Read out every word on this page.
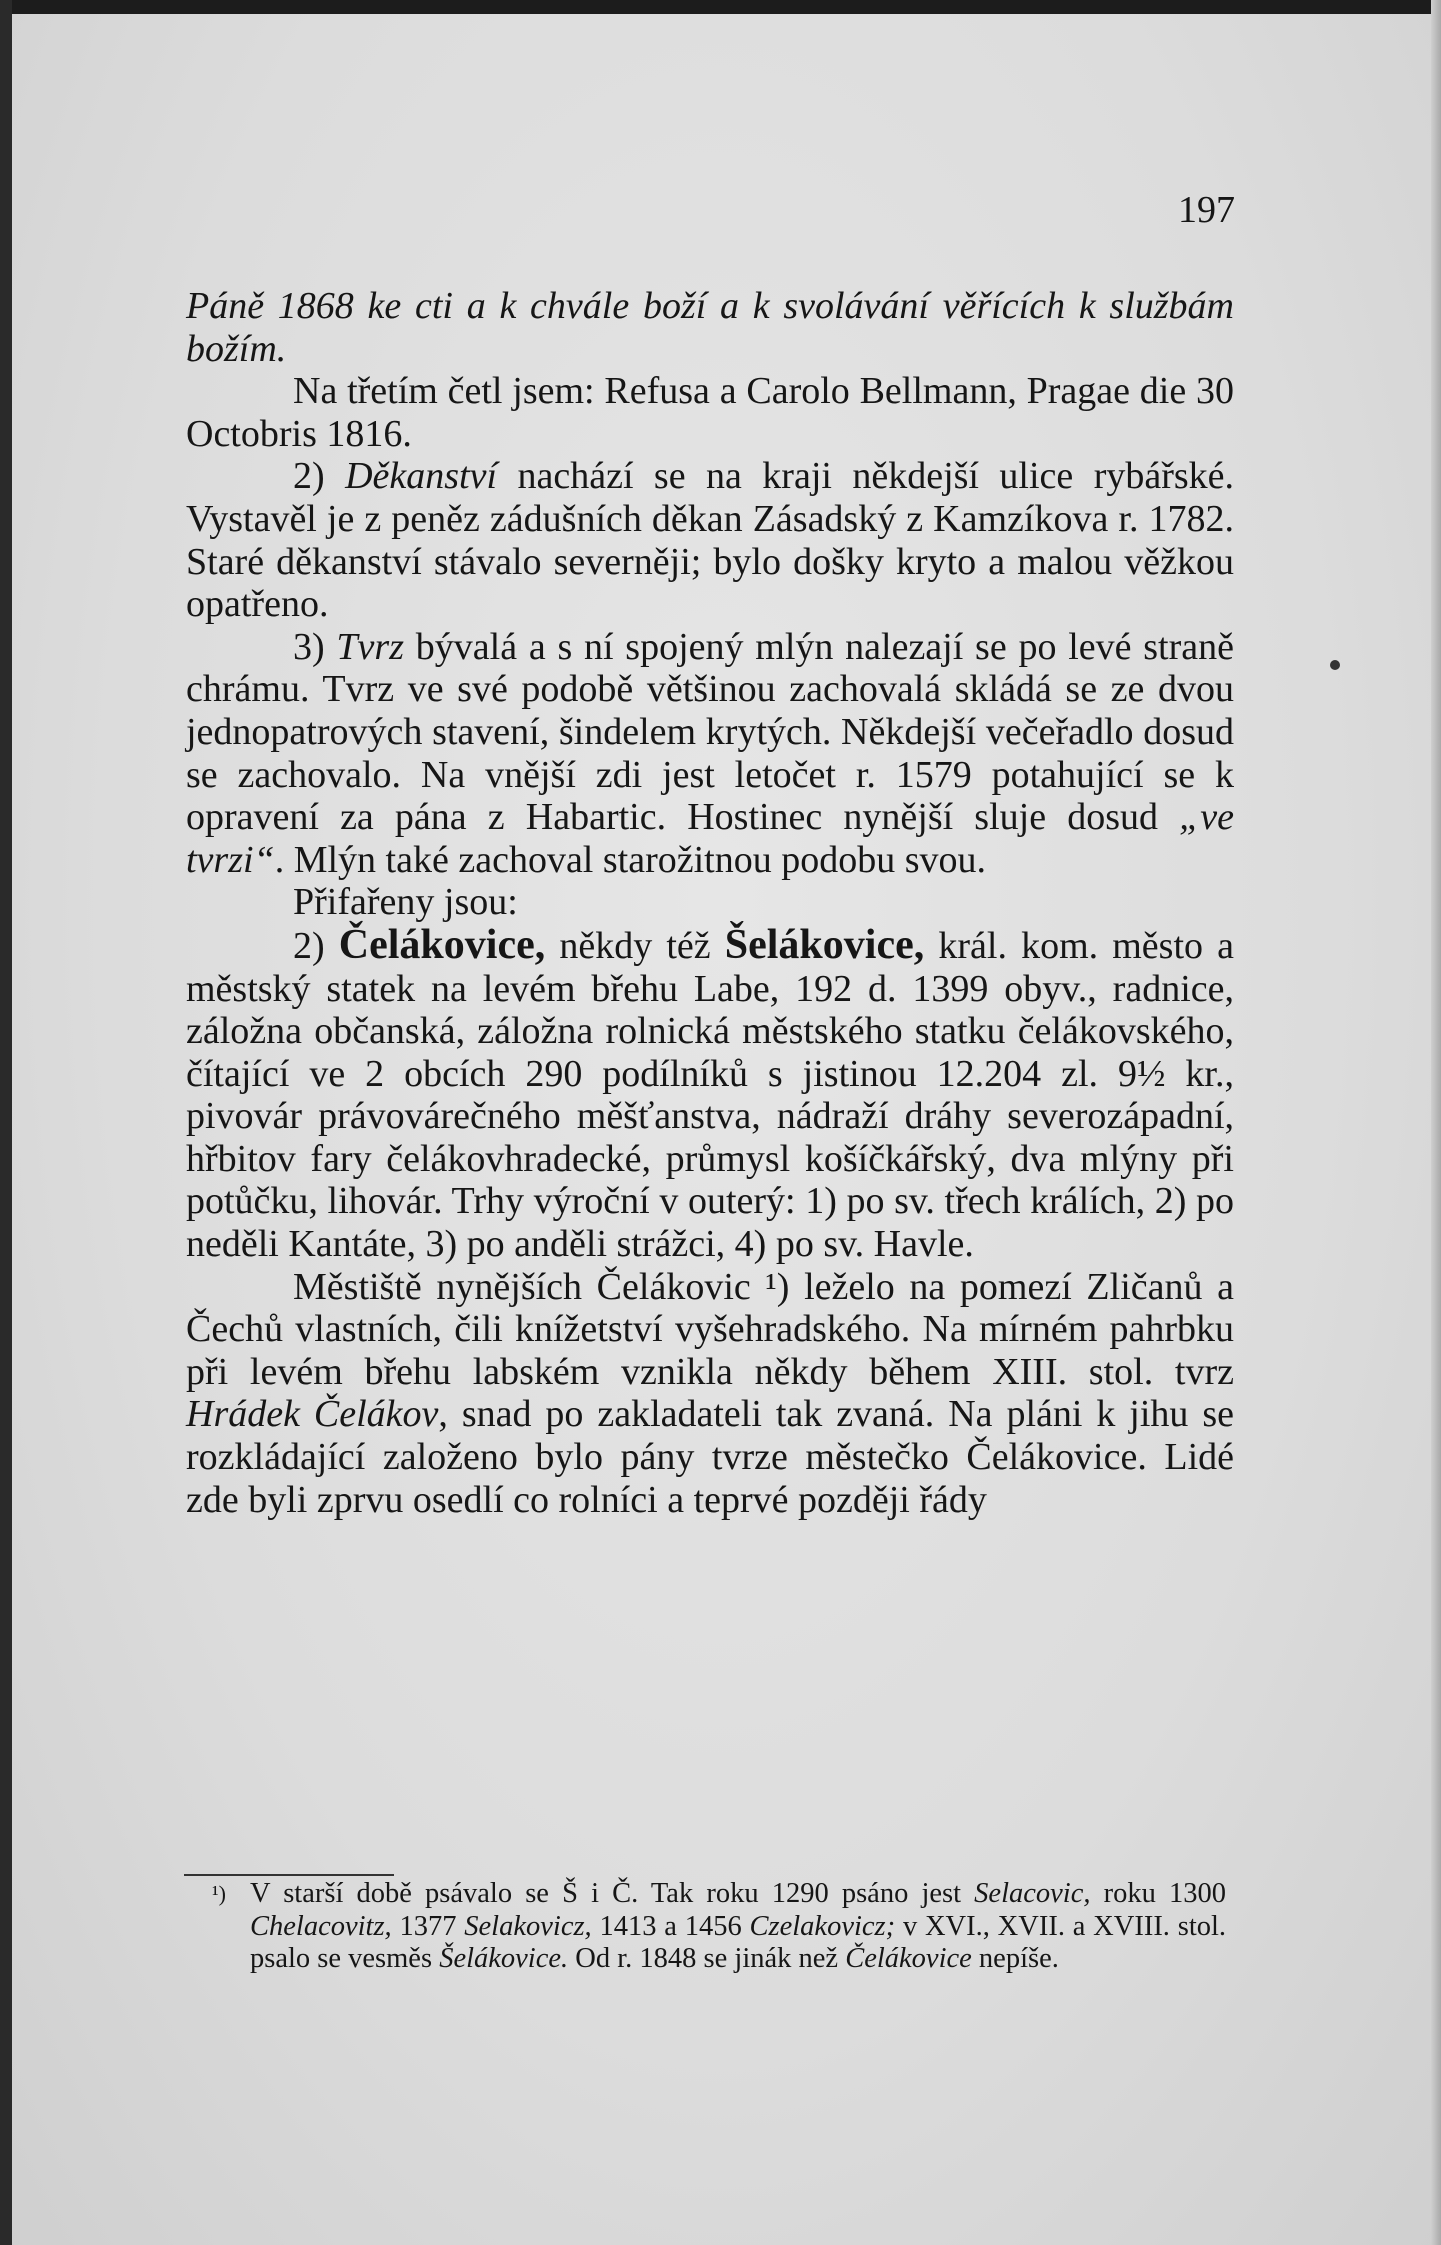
197

Páně 1868 ke cti a k chvále boží a k svolávání věřících k službám božím.

Na třetím četl jsem: Refusa a Carolo Bellmann, Pragae die 30 Octobris 1816.

2) Děkanství nachází se na kraji někdejší ulice rybářské. Vystavěl je z peněz zádušních děkan Zásadský z Kamzíkova r. 1782. Staré děkanství stávalo severněji; bylo došky kryto a malou věžkou opatřeno.

3) Tvrz bývalá a s ní spojený mlýn nalezají se po levé straně chrámu. Tvrz ve své podobě většinou zachovalá skládá se ze dvou jednopatrových stavení, šindelem krytých. Někdejší večeřadlo dosud se zachovalo. Na vnější zdi jest letočet r. 1579 potahující se k opravení za pána z Habartic. Hostinec nynější sluje dosud „ve tvrzi“. Mlýn také zachoval starožitnou podobu svou.

Přifařeny jsou:

2) Čelákovice, někdy též Šelákovice, král. kom. město a městský statek na levém břehu Labe, 192 d. 1399 obyv., radnice, záložna občanská, záložna rolnická městského statku čelákovského, čítající ve 2 obcích 290 podílníků s jistinou 12.204 zl. 9½ kr., pivovár právovárečného měšťanstva, nádraží dráhy severozápadní, hřbitov fary čelákovhradecké, průmysl košíčkářský, dva mlýny při potůčku, lihovár. Trhy výroční v outerý: 1) po sv. třech králích, 2) po neděli Kantáte, 3) po anděli strážci, 4) po sv. Havle.

Městiště nynějších Čelákovic ¹) leželo na pomezí Zličanů a Čechů vlastních, čili knížetství vyšehradského. Na mírném pahrbku při levém břehu labském vznikla někdy během XIII. stol. tvrz Hrádek Čelákov, snad po zakladateli tak zvaná. Na pláni k jihu se rozkládající založeno bylo pány tvrze městečko Čelákovice. Lidé zde byli zprvu osedlí co rolníci a teprvé později řády

¹) V starší době psávalo se Š i Č. Tak roku 1290 psáno jest Selacovic, roku 1300 Chelacovitz, 1377 Selakovicz, 1413 a 1456 Czelakovicz; v XVI., XVII. a XVIII. stol. psalo se vesměs Šelákovice. Od r. 1848 se jinák než Čelákovice nepíše.
